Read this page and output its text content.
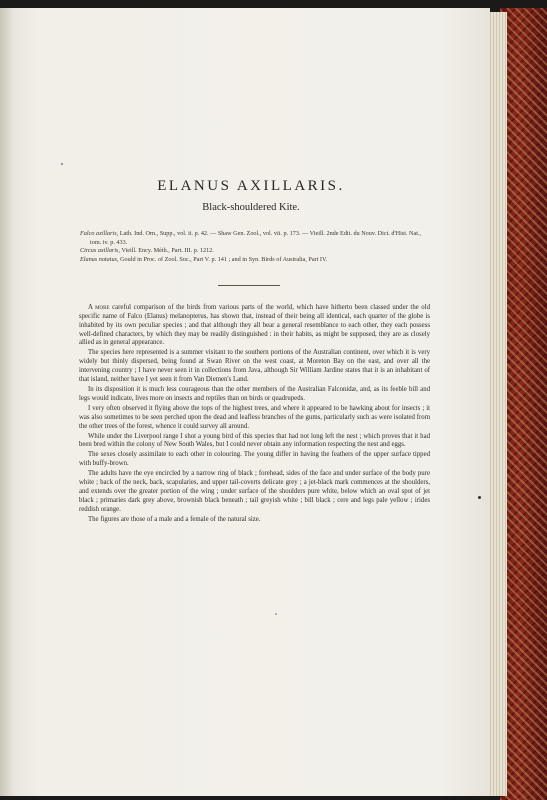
ELANUS AXILLARIS.
Black-shouldered Kite.
Falco axillaris, Lath. Ind. Orn., Supp., vol. ii. p. 42. — Shaw Gen. Zool., vol. vii. p. 173. — Vieill. 2nde Edit. du Nouv. Dict. d'Hist. Nat., tom. iv. p. 433.
Circus axillaris, Vieill. Ency. Méth., Part. III. p. 1212.
Elanus notatus, Gould in Proc. of Zool. Soc., Part V. p. 141 ; and in Syn. Birds of Australia, Part IV.

A more careful comparison of the birds from various parts of the world, which have hitherto been classed under the old specific name of Falco (Elanus) melanopterus, has shown that, instead of their being all identical, each quarter of the globe is inhabited by its own peculiar species ; and that although they all bear a general resemblance to each other, they each possess well-defined characters, by which they may be readily distinguished : in their habits, as might be supposed, they are as closely allied as in general appearance.

The species here represented is a summer visitant to the southern portions of the Australian continent, over which it is very widely but thinly dispersed, being found at Swan River on the west coast, at Moreton Bay on the east, and over all the intervening country ; I have never seen it in collections from Java, although Sir William Jardine states that it is an inhabitant of that island, neither have I yet seen it from Van Diemen's Land.

In its disposition it is much less courageous than the other members of the Australian Falconidæ, and, as its feeble bill and legs would indicate, lives more on insects and reptiles than on birds or quadrupeds.

I very often observed it flying above the tops of the highest trees, and where it appeared to be hawking about for insects ; it was also sometimes to be seen perched upon the dead and leafless branches of the gums, particularly such as were isolated from the other trees of the forest, whence it could survey all around.

While under the Liverpool range I shot a young bird of this species that had not long left the nest ; which proves that it had been bred within the colony of New South Wales, but I could never obtain any information respecting the nest and eggs.

The sexes closely assimilate to each other in colouring. The young differ in having the feathers of the upper surface tipped with buffy-brown.

The adults have the eye encircled by a narrow ring of black ; forehead, sides of the face and under surface of the body pure white ; back of the neck, back, scapularies, and upper tail-coverts delicate grey ; a jet-black mark commences at the shoulders, and extends over the greater portion of the wing ; under surface of the shoulders pure white, below which an oval spot of jet black ; primaries dark grey above, brownish black beneath ; tail greyish white ; bill black ; cere and legs pale yellow ; irides reddish orange.

The figures are those of a male and a female of the natural size.
